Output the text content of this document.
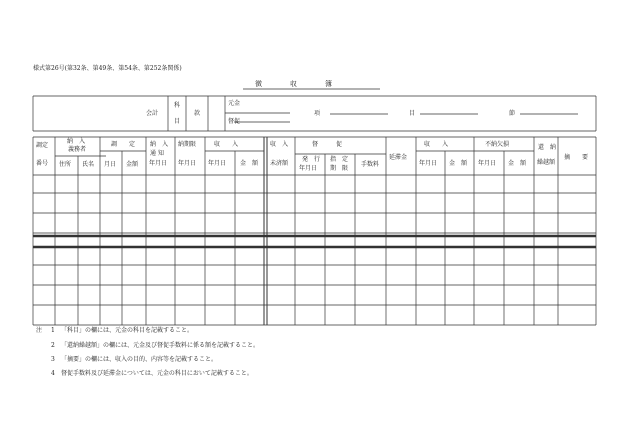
様式第26号(第32条、第49条、第54条、第252条関係)
徴　　　　収　　　　簿
会計
科
目
款
元金
督促
項	目	節
調定
番号
納　入
義務者
住所 氏名
調　　定
月日 金額
納　入
通 知
年月日
納期限
年月日
収　　入
年月日 金　額
収　入
未済額
督　　　促
発　行
年月日
指　定
期　限
手数料
延滞金
収　　入
年月日 金　額
不納欠損
年月日 金　額
還　納
繰越額
摘　　要
注 1 「科目」の欄には、元金の科目を記載すること。
2 「還納繰越額」の欄には、元金及び督促手数料に係る額を記載すること。
3 「摘要」の欄には、収入の目的、内容等を記載すること。
4 督促手数料及び延滞金については、元金の科目において記載すること。
